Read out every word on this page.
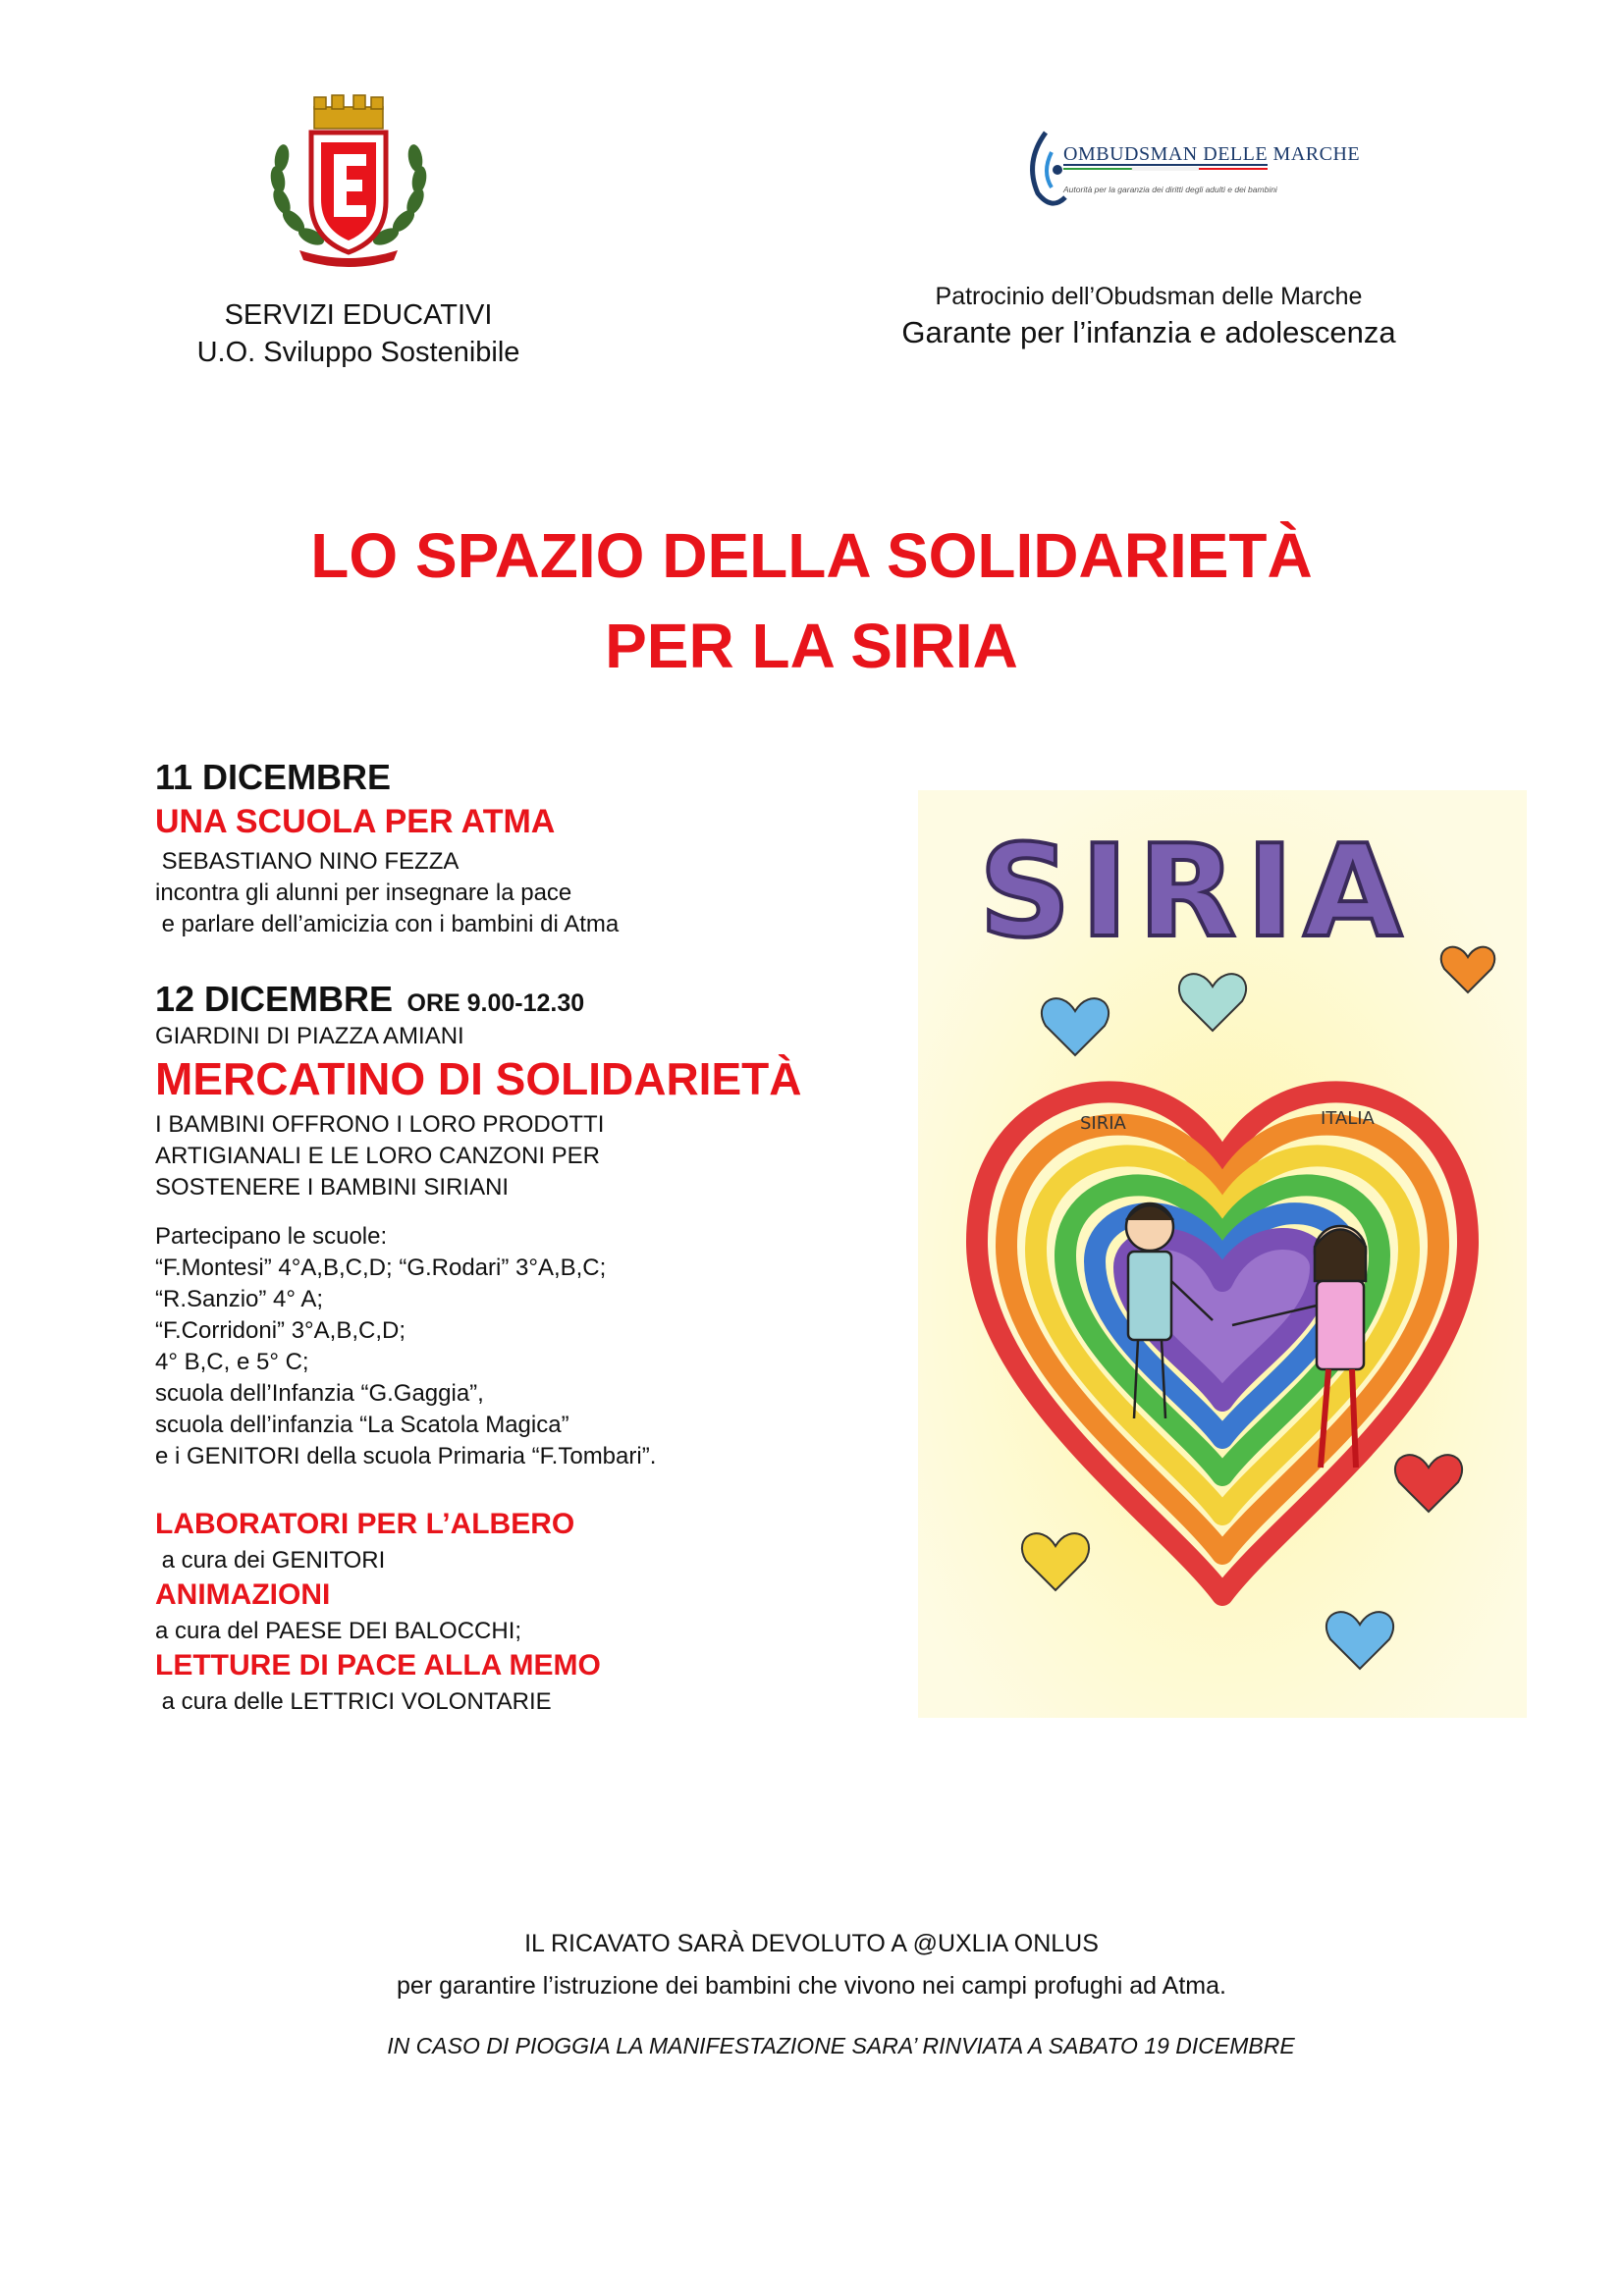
OMBUDSMAN DELLE MARCHE
Autorità per la garanzia dei diritti degli adulti e dei bambini
SERVIZI EDUCATIVI
U.O. Sviluppo Sostenibile
Patrocinio dell’Obudsman delle Marche
Garante per l’infanzia e adolescenza
LO SPAZIO DELLA SOLIDARIETÀ
PER LA SIRIA
11 DICEMBRE
UNA SCUOLA PER ATMA
SEBASTIANO NINO FEZZA
incontra gli alunni per insegnare la pace
e parlare dell’amicizia con i bambini di Atma
12 DICEMBRE ORE 9.00-12.30
GIARDINI DI PIAZZA AMIANI
MERCATINO DI SOLIDARIETÀ
I BAMBINI OFFRONO I LORO PRODOTTI
ARTIGIANALI E LE LORO CANZONI PER
SOSTENERE I BAMBINI SIRIANI
Partecipano le scuole:
“F.Montesi” 4°A,B,C,D; “G.Rodari” 3°A,B,C;
“R.Sanzio” 4° A;
“F.Corridoni” 3°A,B,C,D;
4° B,C, e 5° C;
scuola dell’Infanzia “G.Gaggia”,
scuola dell’infanzia “La Scatola Magica”
e i GENITORI della scuola Primaria “F.Tombari”.
LABORATORI PER L’ALBERO
a cura dei GENITORI
ANIMAZIONI
a cura del PAESE DEI BALOCCHI;
LETTURE DI PACE ALLA MEMO
a cura delle LETTRICI VOLONTARIE
SIRIA
SIRIA	ITALIA
IL RICAVATO SARÀ DEVOLUTO A @UXLIA ONLUS
per garantire l’istruzione dei bambini che vivono nei campi profughi ad Atma.
IN CASO DI PIOGGIA LA MANIFESTAZIONE SARA’ RINVIATA A SABATO 19 DICEMBRE
